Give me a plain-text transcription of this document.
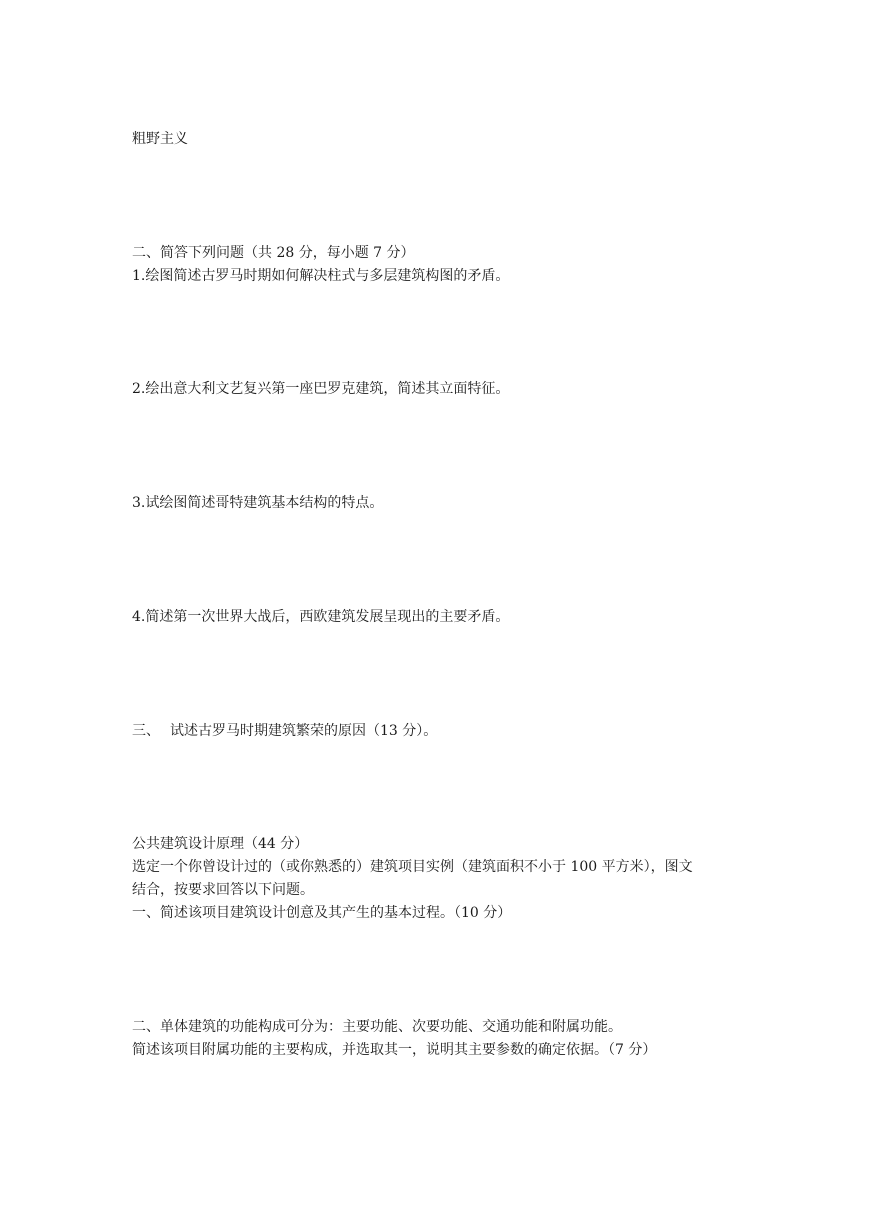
粗野主义
二、简答下列问题（共 28 分，每小题 7 分）
1.绘图简述古罗马时期如何解决柱式与多层建筑构图的矛盾。
2.绘出意大利文艺复兴第一座巴罗克建筑，简述其立面特征。
3.试绘图简述哥特建筑基本结构的特点。
4.简述第一次世界大战后，西欧建筑发展呈现出的主要矛盾。
三、 试述古罗马时期建筑繁荣的原因（13 分）。
公共建筑设计原理（44 分）
选定一个你曾设计过的（或你熟悉的）建筑项目实例（建筑面积不小于 100 平方米），图文
结合，按要求回答以下问题。
一、简述该项目建筑设计创意及其产生的基本过程。（10 分）
二、单体建筑的功能构成可分为：主要功能、次要功能、交通功能和附属功能。
简述该项目附属功能的主要构成，并选取其一，说明其主要参数的确定依据。（7 分）
